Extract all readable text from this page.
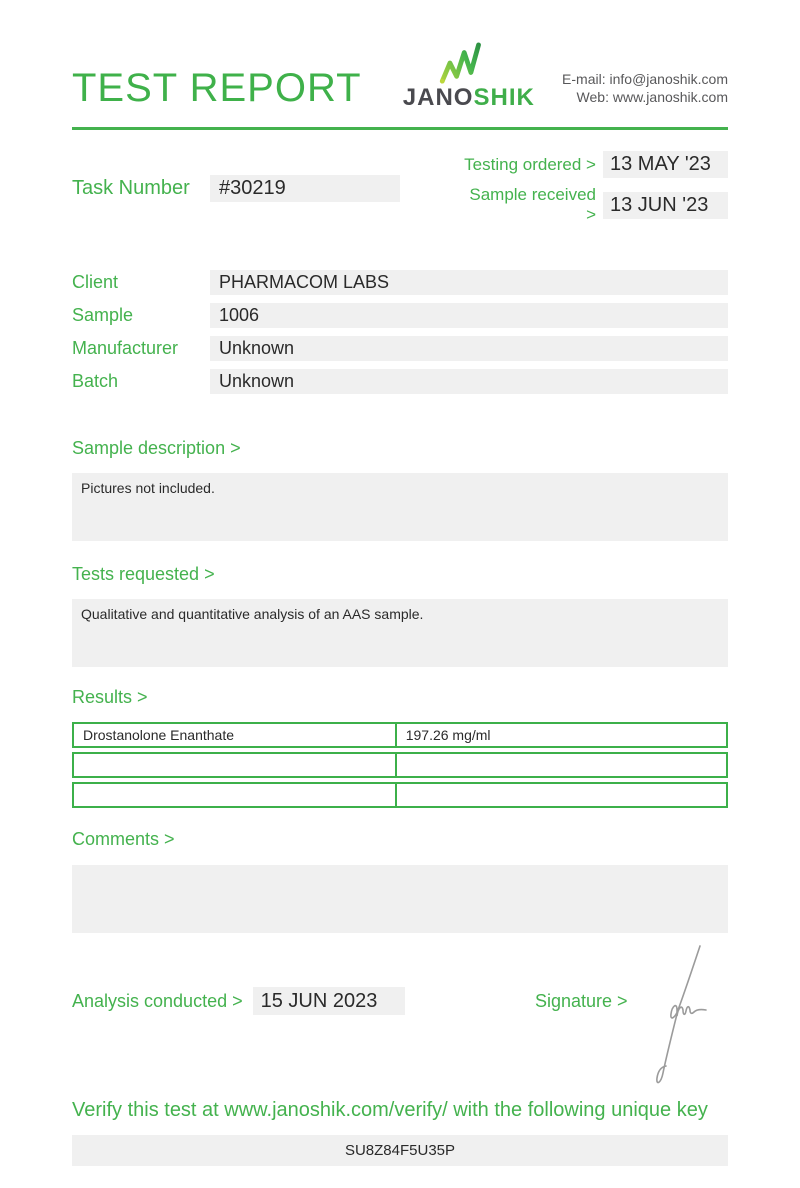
TEST REPORT JANOSHIK
E-mail: info@janoshik.com
Web: www.janoshik.com
Task Number	#30219
Testing ordered > 13 MAY '23
Sample received > 13 JUN '23
Client	PHARMACOM LABS
Sample	1006
Manufacturer	Unknown
Batch	Unknown
Sample description >
Pictures not included.
Tests requested >
Qualitative and quantitative analysis of an AAS sample.
Results >
Drostanolone Enanthate	197.26 mg/ml

Comments >
Analysis conducted > 15 JUN 2023	Signature >
Verify this test at www.janoshik.com/verify/ with the following unique key
SU8Z84F5U35P
